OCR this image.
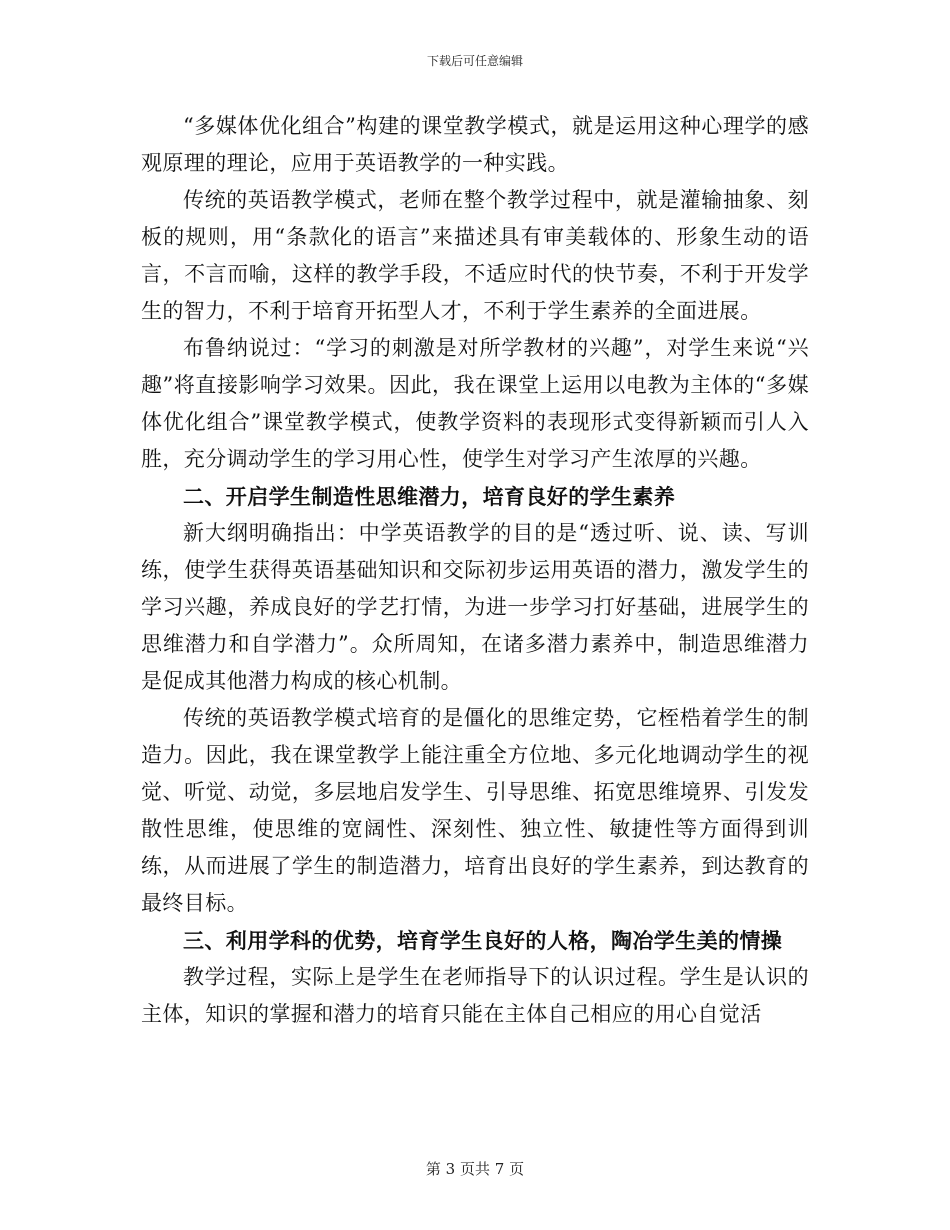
下载后可任意编辑

“多媒体优化组合”构建的课堂教学模式，就是运用这种心理学的感观原理的理论，应用于英语教学的一种实践。

传统的英语教学模式，老师在整个教学过程中，就是灌输抽象、刻板的规则，用“条款化的语言”来描述具有审美载体的、形象生动的语言，不言而喻，这样的教学手段，不适应时代的快节奏，不利于开发学生的智力，不利于培育开拓型人才，不利于学生素养的全面进展。

布鲁纳说过：“学习的刺激是对所学教材的兴趣”，对学生来说“兴趣”将直接影响学习效果。因此，我在课堂上运用以电教为主体的“多媒体优化组合”课堂教学模式，使教学资料的表现形式变得新颖而引人入胜，充分调动学生的学习用心性，使学生对学习产生浓厚的兴趣。

二、开启学生制造性思维潜力，培育良好的学生素养

新大纲明确指出：中学英语教学的目的是“透过听、说、读、写训练，使学生获得英语基础知识和交际初步运用英语的潜力，激发学生的学习兴趣，养成良好的学艺打情，为进一步学习打好基础，进展学生的思维潜力和自学潜力”。众所周知，在诸多潜力素养中，制造思维潜力是促成其他潜力构成的核心机制。

传统的英语教学模式培育的是僵化的思维定势，它桎梏着学生的制造力。因此，我在课堂教学上能注重全方位地、多元化地调动学生的视觉、听觉、动觉，多层地启发学生、引导思维、拓宽思维境界、引发发散性思维，使思维的宽阔性、深刻性、独立性、敏捷性等方面得到训练，从而进展了学生的制造潜力，培育出良好的学生素养，到达教育的最终目标。

三、利用学科的优势，培育学生良好的人格，陶冶学生美的情操

教学过程，实际上是学生在老师指导下的认识过程。学生是认识的主体，知识的掌握和潜力的培育只能在主体自己相应的用心自觉活

第 3 页共 7 页
